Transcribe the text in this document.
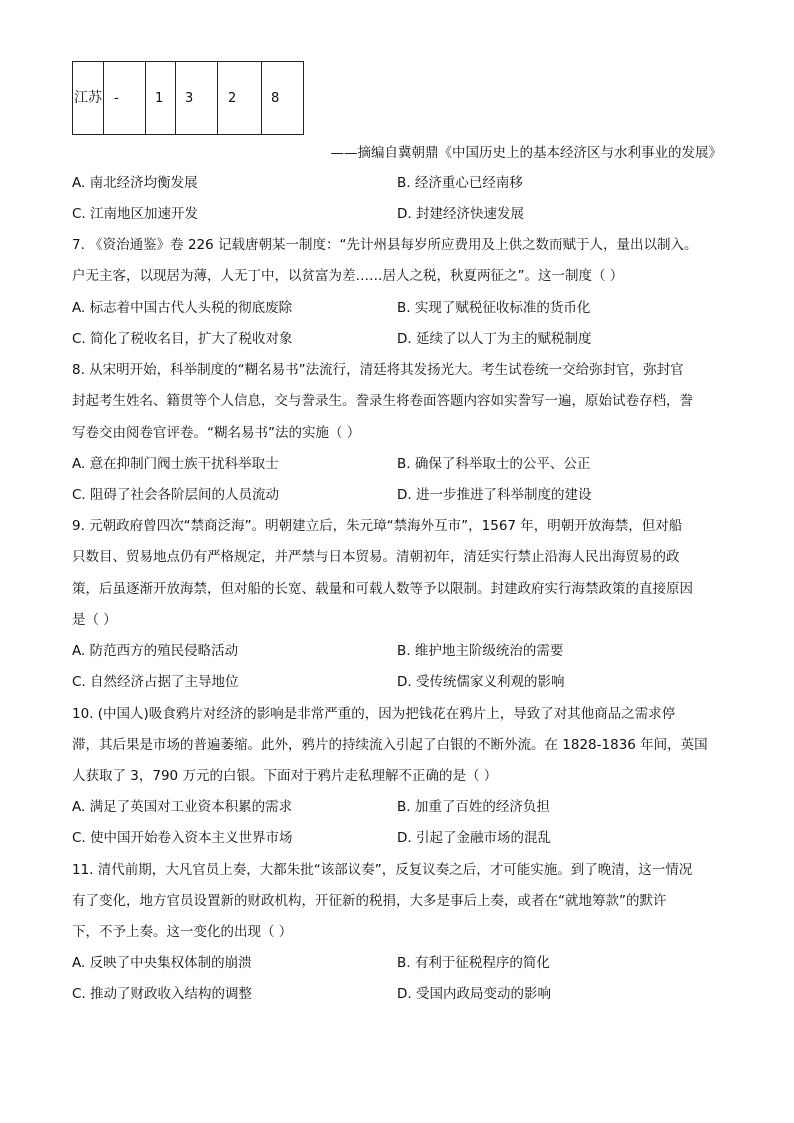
江苏	-	1	3	2	8
——摘编自冀朝鼎《中国历史上的基本经济区与水利事业的发展》
A. 南北经济均衡发展	B. 经济重心已经南移
C. 江南地区加速开发	D. 封建经济快速发展
7. 《资治通鉴》卷 226 记载唐朝某一制度：“先计州县每岁所应费用及上供之数而赋于人，量出以制入。
户无主客，以现居为薄，人无丁中，以贫富为差……居人之税，秋夏两征之”。这一制度（ ）
A. 标志着中国古代人头税的彻底废除	B. 实现了赋税征收标准的货币化
C. 简化了税收名目，扩大了税收对象	D. 延续了以人丁为主的赋税制度
8. 从宋明开始，科举制度的“糊名易书”法流行，清廷将其发扬光大。考生试卷统一交给弥封官，弥封官
封起考生姓名、籍贯等个人信息，交与誊录生。誊录生将卷面答题内容如实誊写一遍，原始试卷存档，誊
写卷交由阅卷官评卷。“糊名易书”法的实施（ ）
A. 意在抑制门阀士族干扰科举取士	B. 确保了科举取士的公平、公正
C. 阻碍了社会各阶层间的人员流动	D. 进一步推进了科举制度的建设
9. 元朝政府曾四次“禁商泛海”。明朝建立后，朱元璋“禁海外互市”，1567 年，明朝开放海禁，但对船
只数目、贸易地点仍有严格规定，并严禁与日本贸易。清朝初年，清廷实行禁止沿海人民出海贸易的政
策，后虽逐渐开放海禁，但对船的长宽、载量和可载人数等予以限制。封建政府实行海禁政策的直接原因
是（ ）
A. 防范西方的殖民侵略活动	B. 维护地主阶级统治的需要
C. 自然经济占据了主导地位	D. 受传统儒家义利观的影响
10. (中国人)吸食鸦片对经济的影响是非常严重的，因为把钱花在鸦片上，导致了对其他商品之需求停
滞，其后果是市场的普遍萎缩。此外，鸦片的持续流入引起了白银的不断外流。在 1828-1836 年间，英国
人获取了 3，790 万元的白银。下面对于鸦片走私理解不正确的是（ ）
A. 满足了英国对工业资本积累的需求	B. 加重了百姓的经济负担
C. 使中国开始卷入资本主义世界市场	D. 引起了金融市场的混乱
11. 清代前期，大凡官员上奏，大都朱批“该部议奏”，反复议奏之后，才可能实施。到了晚清，这一情况
有了变化，地方官员设置新的财政机构，开征新的税捐，大多是事后上奏，或者在“就地筹款”的默许
下，不予上奏。这一变化的出现（ ）
A. 反映了中央集权体制的崩溃	B. 有利于征税程序的简化
C. 推动了财政收入结构的调整	D. 受国内政局变动的影响
